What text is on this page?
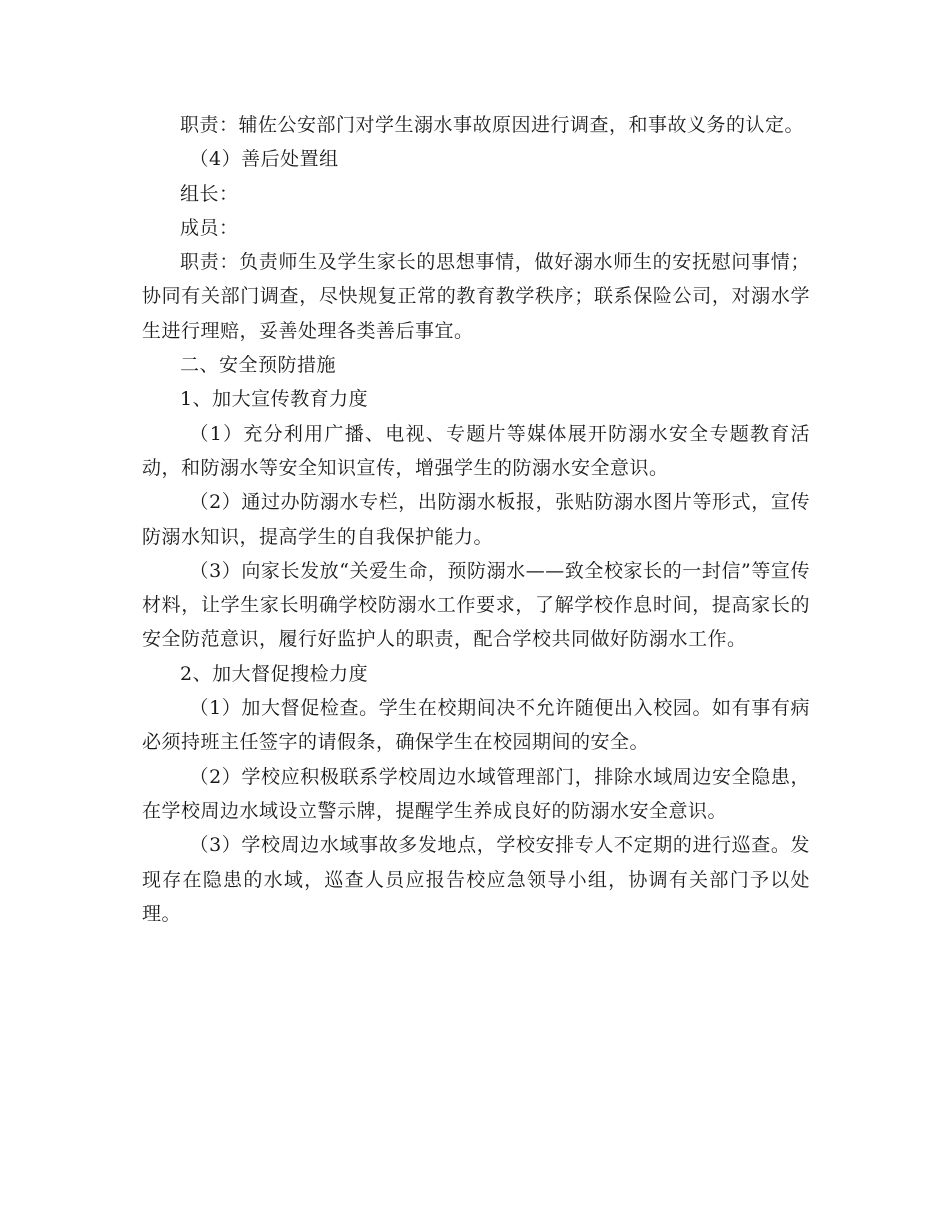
职责：辅佐公安部门对学生溺水事故原因进行调查，和事故义务的认定。

（4）善后处置组

组长：

成员：

职责：负责师生及学生家长的思想事情，做好溺水师生的安抚慰问事情；协同有关部门调查，尽快规复正常的教育教学秩序；联系保险公司，对溺水学生进行理赔，妥善处理各类善后事宜。

二、安全预防措施

1、加大宣传教育力度

（1）充分利用广播、电视、专题片等媒体展开防溺水安全专题教育活动，和防溺水等安全知识宣传，增强学生的防溺水安全意识。

（2）通过办防溺水专栏，出防溺水板报，张贴防溺水图片等形式，宣传防溺水知识，提高学生的自我保护能力。

（3）向家长发放“关爱生命，预防溺水——致全校家长的一封信”等宣传材料，让学生家长明确学校防溺水工作要求，了解学校作息时间，提高家长的安全防范意识，履行好监护人的职责，配合学校共同做好防溺水工作。

2、加大督促搜检力度

（1）加大督促检查。学生在校期间决不允许随便出入校园。如有事有病必须持班主任签字的请假条，确保学生在校园期间的安全。

（2）学校应积极联系学校周边水域管理部门，排除水域周边安全隐患，在学校周边水域设立警示牌，提醒学生养成良好的防溺水安全意识。

（3）学校周边水域事故多发地点，学校安排专人不定期的进行巡查。发现存在隐患的水域，巡查人员应报告校应急领导小组，协调有关部门予以处理。
